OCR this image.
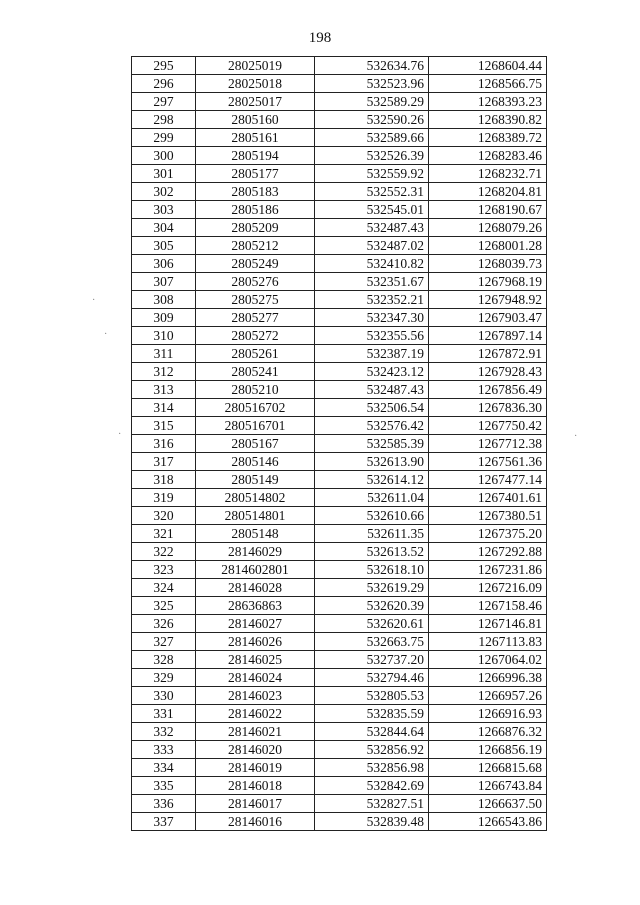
198
·
·
·	·
295	28025019	532634.76	1268604.44
296	28025018	532523.96	1268566.75
297	28025017	532589.29	1268393.23
298	2805160	532590.26	1268390.82
299	2805161	532589.66	1268389.72
300	2805194	532526.39	1268283.46
301	2805177	532559.92	1268232.71
302	2805183	532552.31	1268204.81
303	2805186	532545.01	1268190.67
304	2805209	532487.43	1268079.26
305	2805212	532487.02	1268001.28
306	2805249	532410.82	1268039.73
307	2805276	532351.67	1267968.19
308	2805275	532352.21	1267948.92
309	2805277	532347.30	1267903.47
310	2805272	532355.56	1267897.14
311	2805261	532387.19	1267872.91
312	2805241	532423.12	1267928.43
313	2805210	532487.43	1267856.49
314	280516702	532506.54	1267836.30
315	280516701	532576.42	1267750.42
316	2805167	532585.39	1267712.38
317	2805146	532613.90	1267561.36
318	2805149	532614.12	1267477.14
319	280514802	532611.04	1267401.61
320	280514801	532610.66	1267380.51
321	2805148	532611.35	1267375.20
322	28146029	532613.52	1267292.88
323	2814602801	532618.10	1267231.86
324	28146028	532619.29	1267216.09
325	28636863	532620.39	1267158.46
326	28146027	532620.61	1267146.81
327	28146026	532663.75	1267113.83
328	28146025	532737.20	1267064.02
329	28146024	532794.46	1266996.38
330	28146023	532805.53	1266957.26
331	28146022	532835.59	1266916.93
332	28146021	532844.64	1266876.32
333	28146020	532856.92	1266856.19
334	28146019	532856.98	1266815.68
335	28146018	532842.69	1266743.84
336	28146017	532827.51	1266637.50
337	28146016	532839.48	1266543.86
